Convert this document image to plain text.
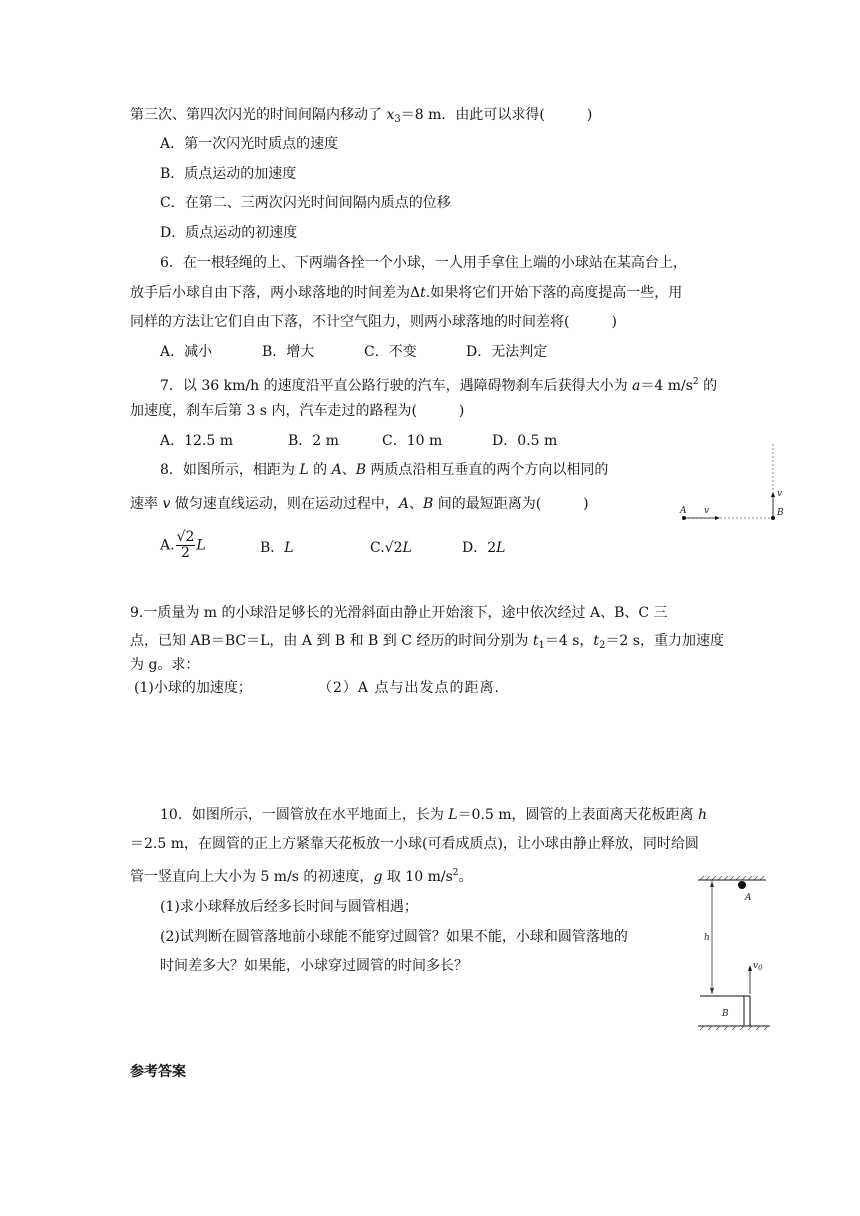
第三次、第四次闪光的时间间隔内移动了 $x_3=8$ m．由此可以求得(　　　)
A．第一次闪光时质点的速度
B．质点运动的加速度
C．在第二、三两次闪光时间间隔内质点的位移
D．质点运动的初速度
6．在一根轻绳的上、下两端各拴一个小球，一人用手拿住上端的小球站在某高台上，
放手后小球自由下落，两小球落地的时间差为Δt.如果将它们开始下落的高度提高一些，用
同样的方法让它们自由下落，不计空气阻力，则两小球落地的时间差将(　　　)
A．减小	B．增大	C．不变	D．无法判定
7．以 36 km/h 的速度沿平直公路行驶的汽车，遇障碍物刹车后获得大小为 a＝4 $m/s^2$ 的
加速度，刹车后第 3 s 内，汽车走过的路程为(　　　)
A．12.5 m	B．2 m	C．10 m	D．0.5 m
8．如图所示，相距为 L 的 A、B 两质点沿相互垂直的两个方向以相同的
速率 v 做匀速直线运动，则在运动过程中，A、B 间的最短距离为(　　　)
A. $\frac{√2}{2}$ L	B．L	C.√2L	D．2L
A v
v
B
9.一质量为 m 的小球沿足够长的光滑斜面由静止开始滚下，途中依次经过 A、B、C 三
点，已知 AB＝BC＝L，由 A 到 B 和 B 到 C 经历的时间分别为 $t_1=4$ s，$t_2=2$ s，重力加速度
为 g。求：
(1)小球的加速度；	（2）A 点与出发点的距离.
10．如图所示，一圆管放在水平地面上，长为 L＝0.5 m，圆管的上表面离天花板距离 h
＝2.5 m，在圆管的正上方紧靠天花板放一小球(可看成质点)，让小球由静止释放，同时给圆
管一竖直向上大小为 5 m/s 的初速度，g 取 10 $m/s^2$。
(1)求小球释放后经多长时间与圆管相遇；
(2)试判断在圆管落地前小球能不能穿过圆管？如果不能，小球和圆管落地的
时间差多大？如果能，小球穿过圆管的时间多长？
A
h
$v_0$
B
参考答案
